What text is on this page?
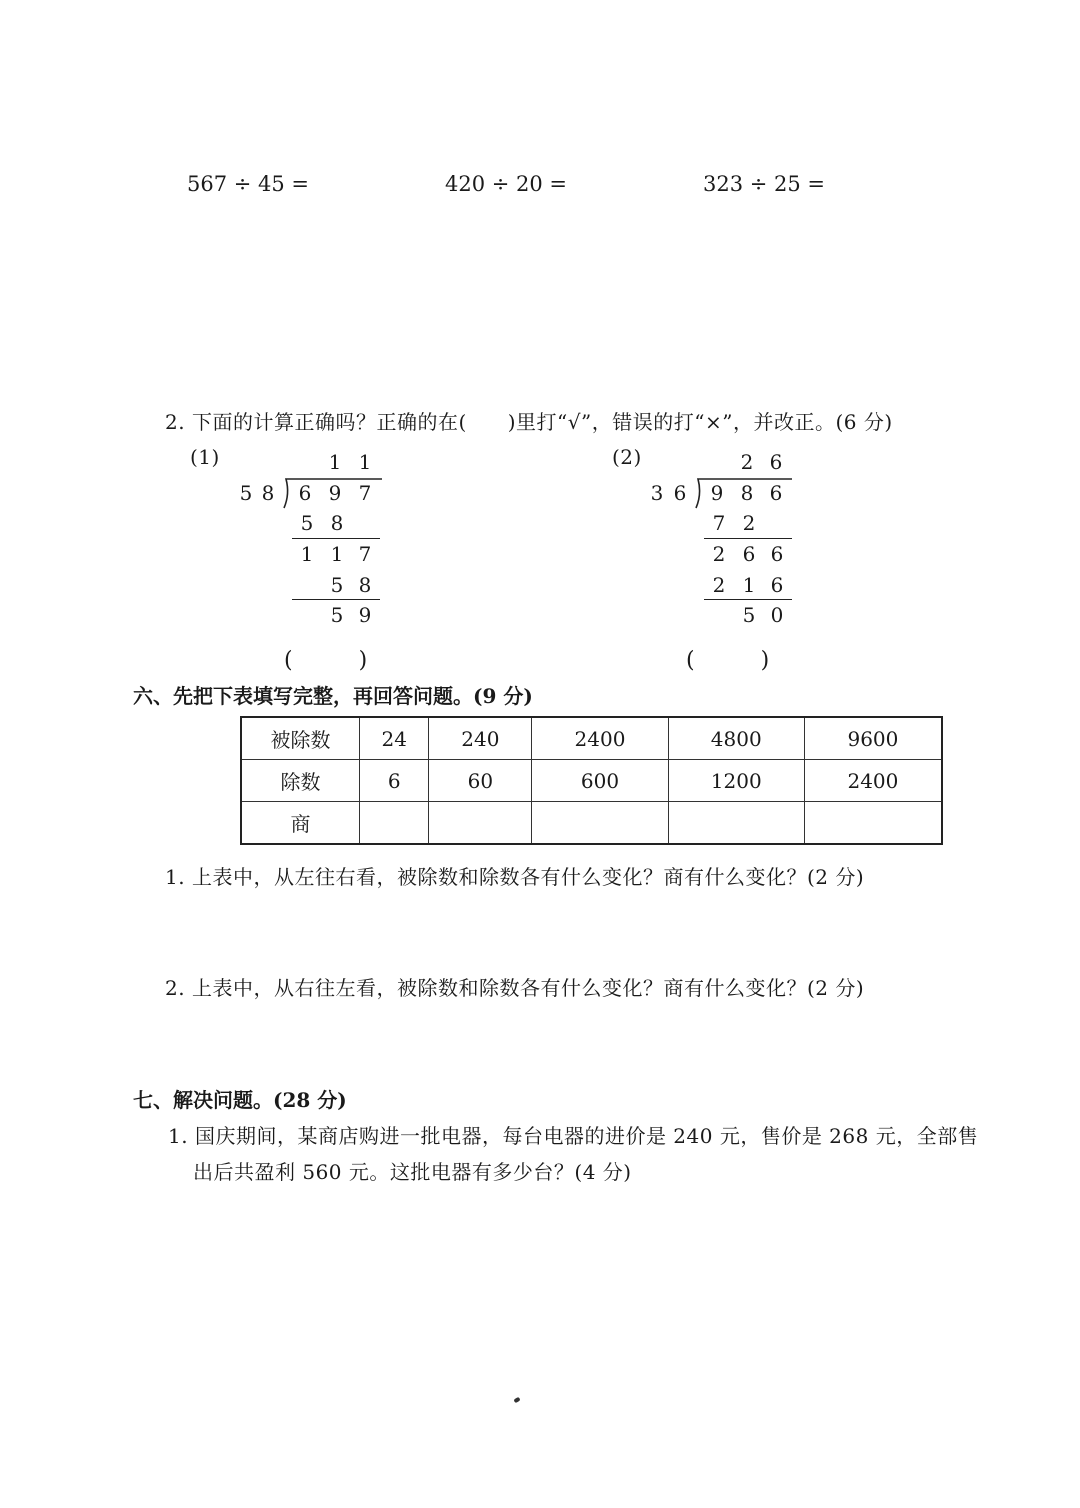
567 ÷ 45 =	420 ÷ 20 =	323 ÷ 25 =
2. 下面的计算正确吗？正确的在(　　)里打“√”，错误的打“×”，并改正。(6 分)
(1)	1 1
5 8	6 9 7
5 8
1 1 7
5 8
5 9
(　　　)
(2)	2 6
3 6	9 8 6
7 2
2 6 6
2 1 6
5 0
(　　　)
六、先把下表填写完整，再回答问题。(9 分)
被除数	24	240	2400	4800	9600
除数	6	60	600	1200	2400
商					
1. 上表中，从左往右看，被除数和除数各有什么变化？商有什么变化？(2 分)
2. 上表中，从右往左看，被除数和除数各有什么变化？商有什么变化？(2 分)
七、解决问题。(28 分)
1. 国庆期间，某商店购进一批电器，每台电器的进价是 240 元，售价是 268 元，全部售
出后共盈利 560 元。这批电器有多少台？(4 分)
